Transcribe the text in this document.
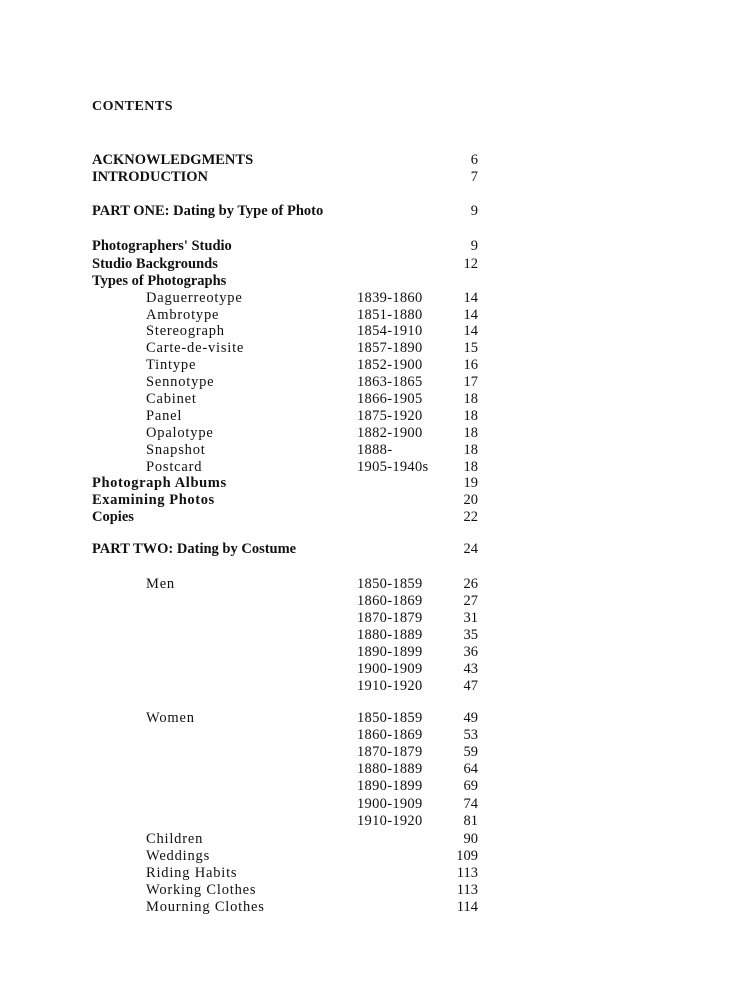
CONTENTS
ACKNOWLEDGMENTS	6
INTRODUCTION	7
PART ONE: Dating by Type of Photo	9
Photographers' Studio	9
Studio Backgrounds	12
Types of Photographs
Daguerreotype	1839-1860	14
Ambrotype	1851-1880	14
Stereograph	1854-1910	14
Carte-de-visite	1857-1890	15
Tintype	1852-1900	16
Sennotype	1863-1865	17
Cabinet	1866-1905	18
Panel	1875-1920	18
Opalotype	1882-1900	18
Snapshot	1888-	18
Postcard	1905-1940s 18
Photograph Albums	19
Examining Photos	20
Copies	22
PART TWO: Dating by Costume	24
Men	1850-1859	26
1860-1869	27
1870-1879	31
1880-1889	35
1890-1899	36
1900-1909	43
1910-1920	47
Women	1850-1859	49
1860-1869	53
1870-1879	59
1880-1889	64
1890-1899	69
1900-1909	74
1910-1920	81
Children	90
Weddings	109
Riding Habits	113
Working Clothes	113
Mourning Clothes	114
